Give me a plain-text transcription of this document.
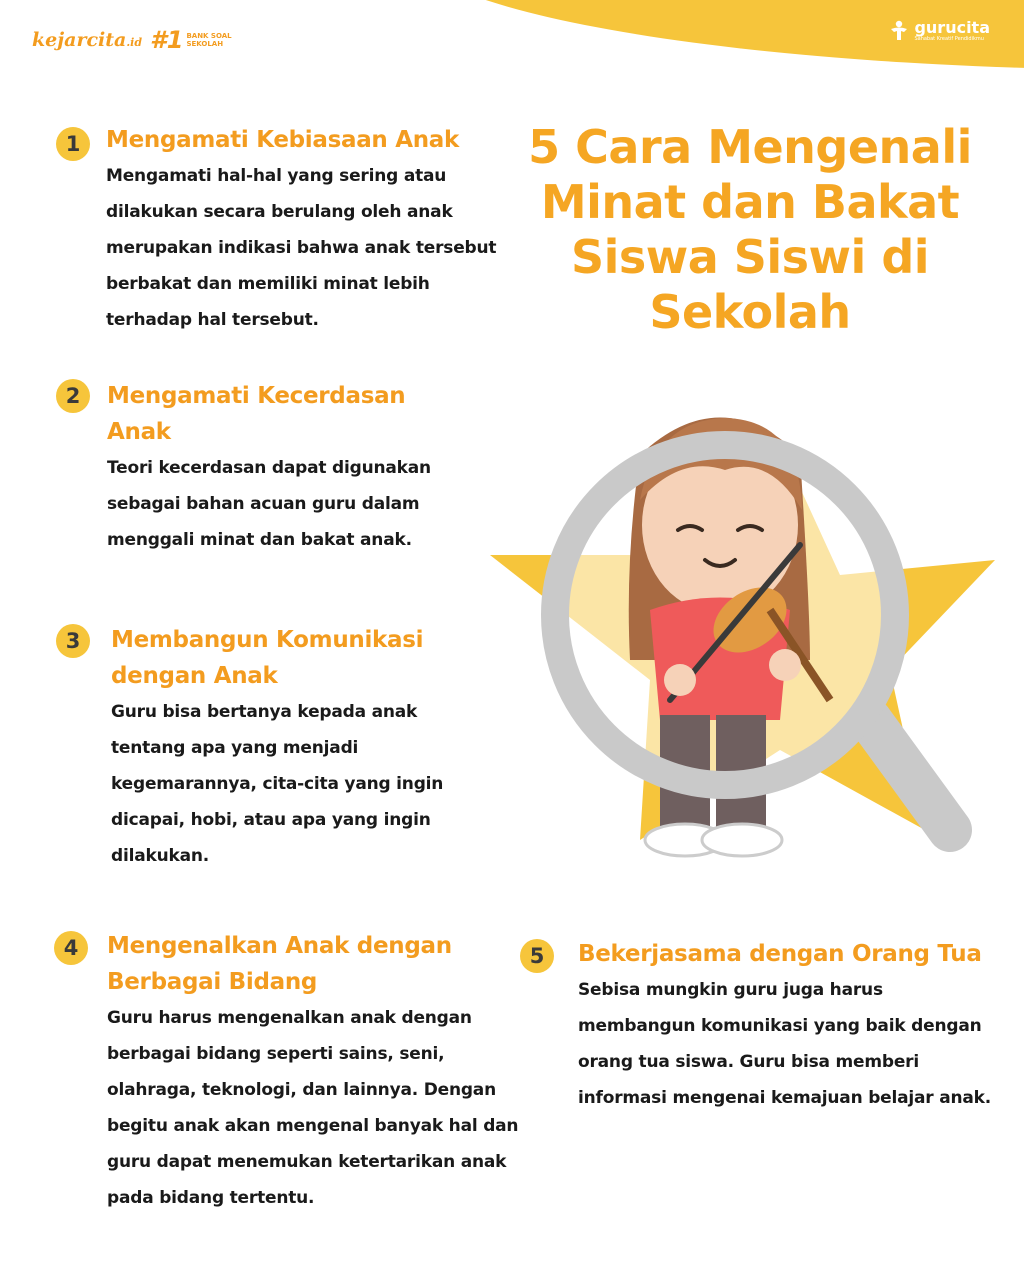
kejarcita.id #1 BANK SOAL
SEKOLAH
gurucita
Sahabat Kreatif Pendidikmu
5 Cara Mengenali Minat dan Bakat Siswa Siswi di Sekolah
1	Mengamati Kebiasaan Anak

Mengamati hal-hal yang sering atau dilakukan secara berulang oleh anak merupakan indikasi bahwa anak tersebut berbakat dan memiliki minat lebih terhadap hal tersebut.

2	Mengamati Kecerdasan Anak

Teori kecerdasan dapat digunakan sebagai bahan acuan guru dalam menggali minat dan bakat anak.

3	Membangun Komunikasi dengan Anak

Guru bisa bertanya kepada anak tentang apa yang menjadi kegemarannya, cita-cita yang ingin dicapai, hobi, atau apa yang ingin dilakukan.

4	Mengenalkan Anak dengan Berbagai Bidang

Guru harus mengenalkan anak dengan berbagai bidang seperti sains, seni, olahraga, teknologi, dan lainnya. Dengan begitu anak akan mengenal banyak hal dan guru dapat menemukan ketertarikan anak pada bidang tertentu.

5	Bekerjasama dengan Orang Tua

Sebisa mungkin guru juga harus membangun komunikasi yang baik dengan orang tua siswa. Guru bisa memberi informasi mengenai kemajuan belajar anak.
